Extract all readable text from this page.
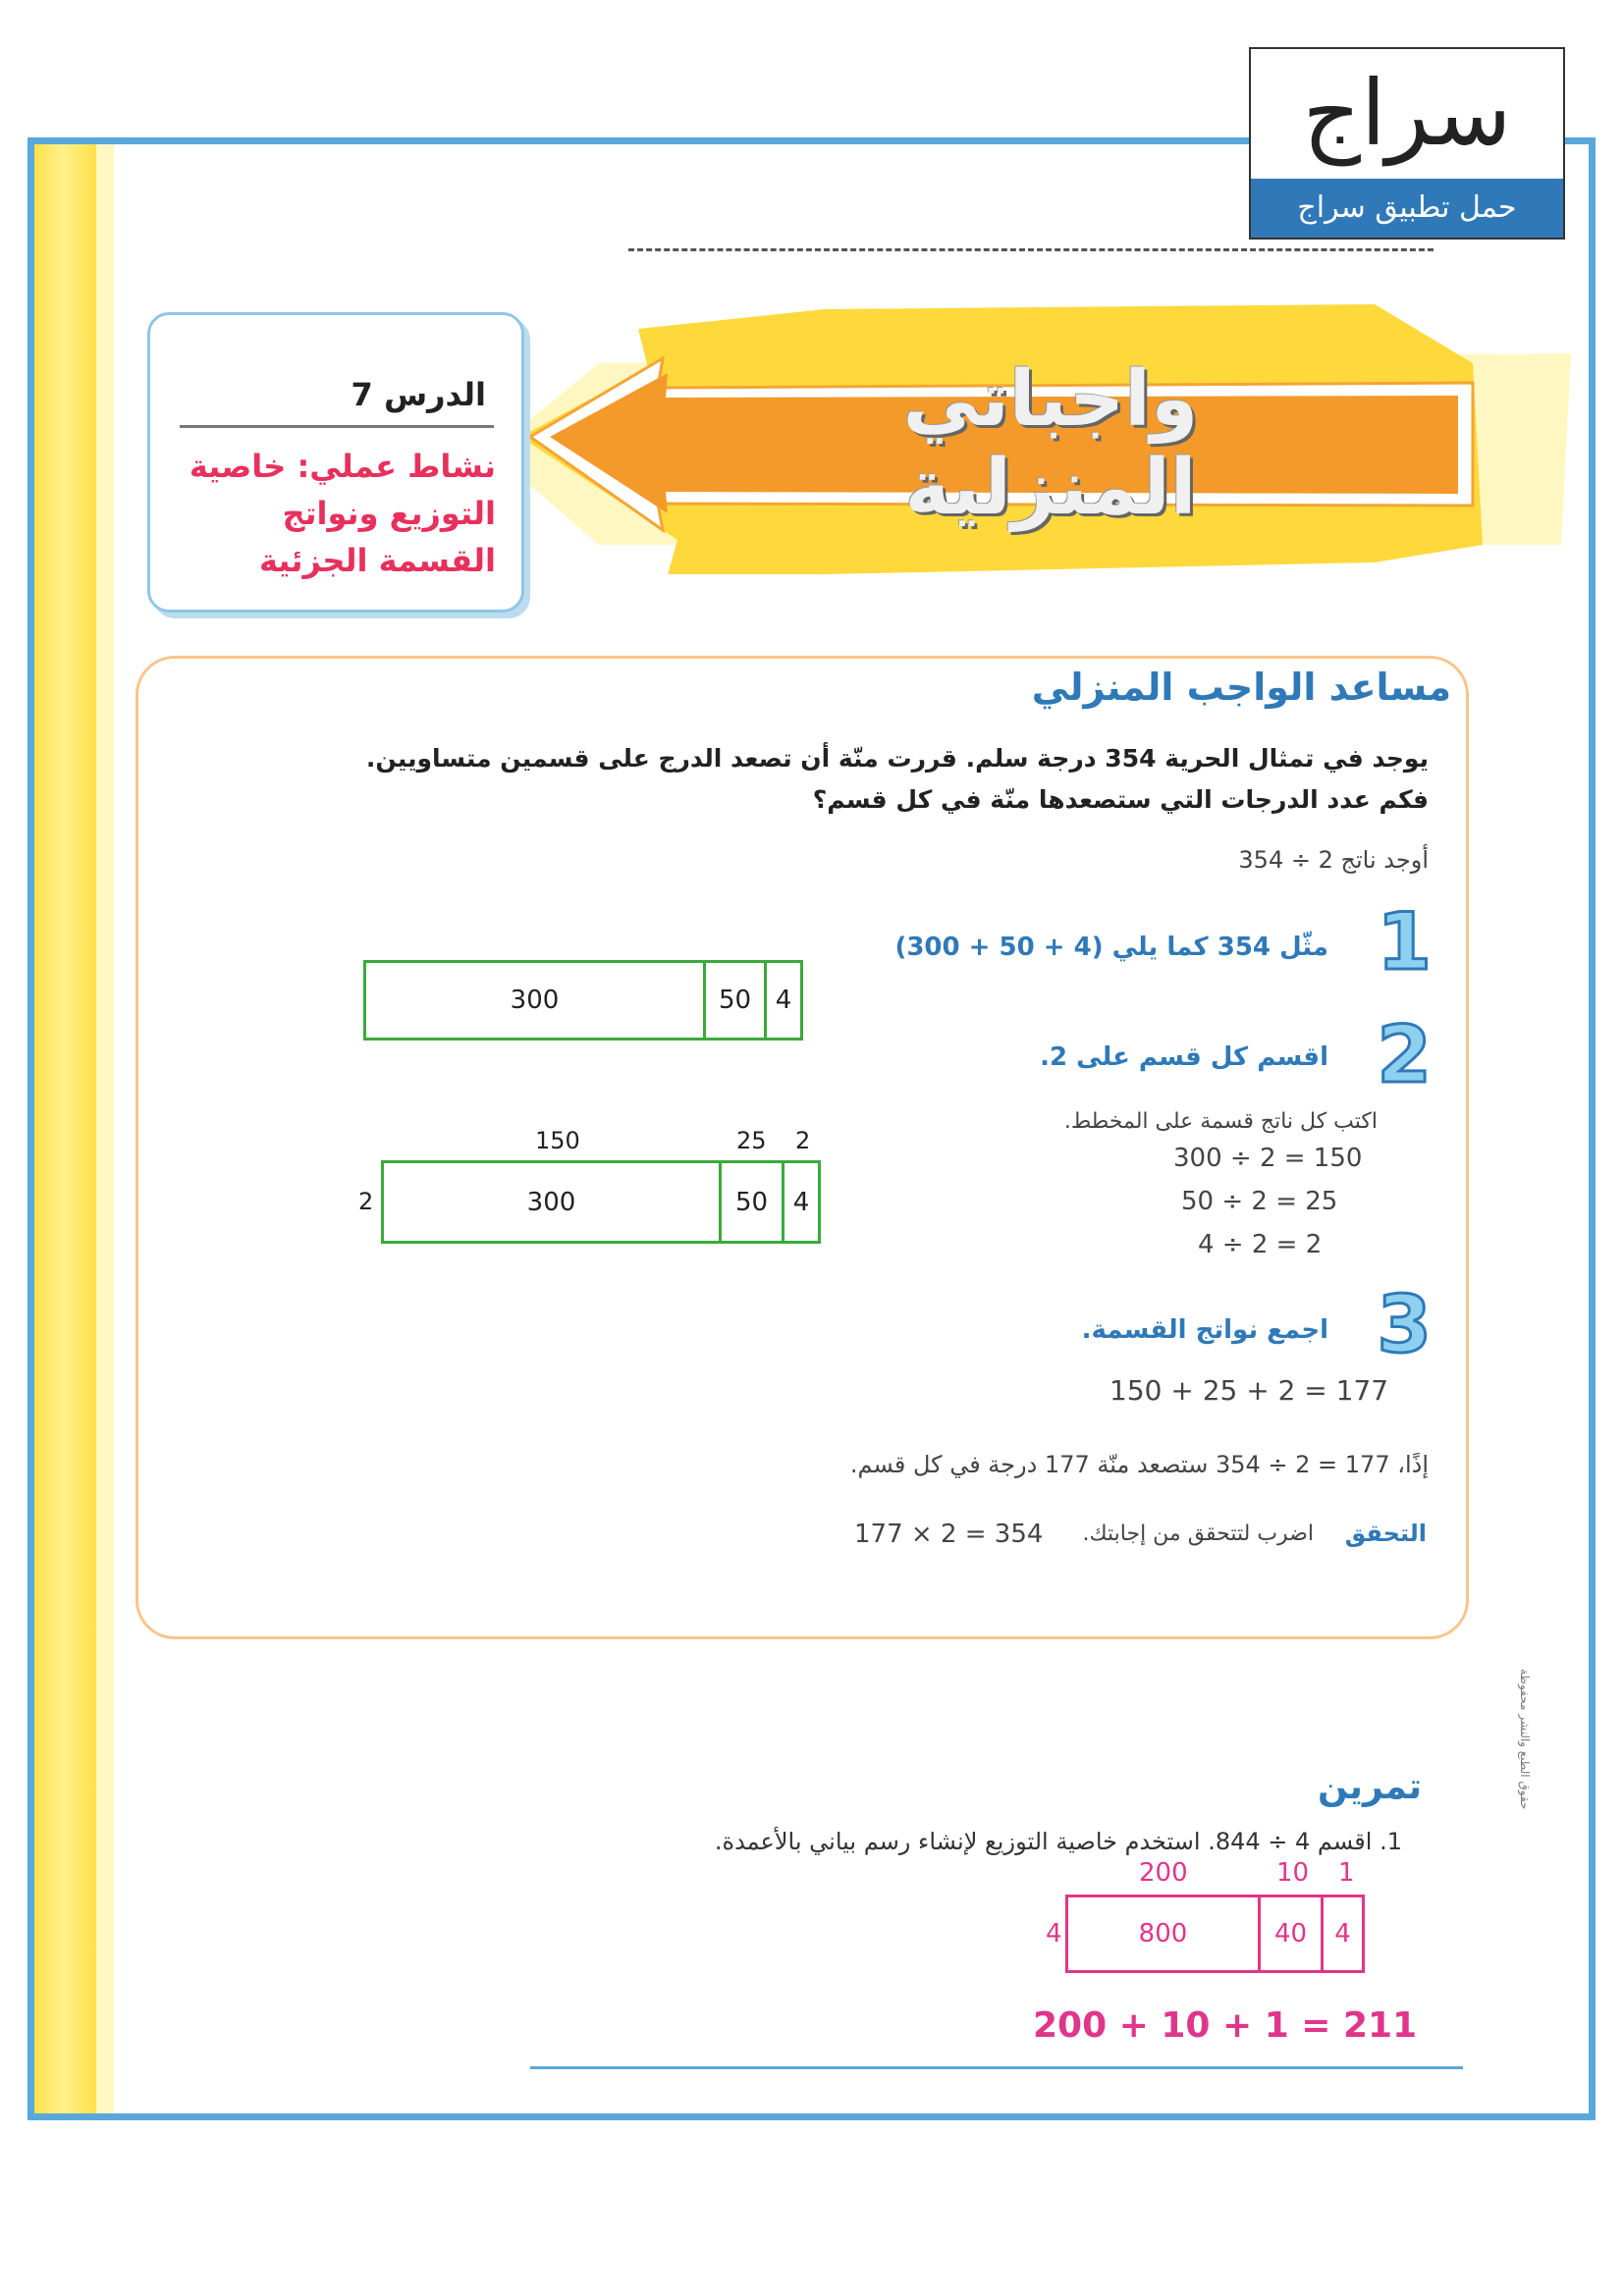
سراج
حمل تطبيق سراج
واجباتي المنزلية
الدرس 7
نشاط عملي: خاصية التوزيع ونواتج القسمة الجزئية
مساعد الواجب المنزلي
يوجد في تمثال الحرية 354 درجة سلم. قررت منّة أن تصعد الدرج على قسمين متساويين.
فكم عدد الدرجات التي ستصعدها منّة في كل قسم؟
أوجد ناتج 2 ÷ 354
1
مثّل 354 كما يلي (4 + 50 + 300)
300	50 4
2
اقسم كل قسم على 2.
اكتب كل ناتج قسمة على المخطط.
300 ÷ 2 = 150
50 ÷ 2 = 25
4 ÷ 2 = 2
150	25 2
2	300	50 4
3
اجمع نواتج القسمة.
150 + 25 + 2 = 177
إذًا، 177 = 2 ÷ 354 ستصعد منّة 177 درجة في كل قسم.
التحقق
اضرب لتتحقق من إجابتك.
177 × 2 = 354
تمرين
1. اقسم 4 ÷ 844. استخدم خاصية التوزيع لإنشاء رسم بياني بالأعمدة.
200	10 1
4	800	40	4
200 + 10 + 1 = 211
حقوق الطبع والنشر محفوظة
